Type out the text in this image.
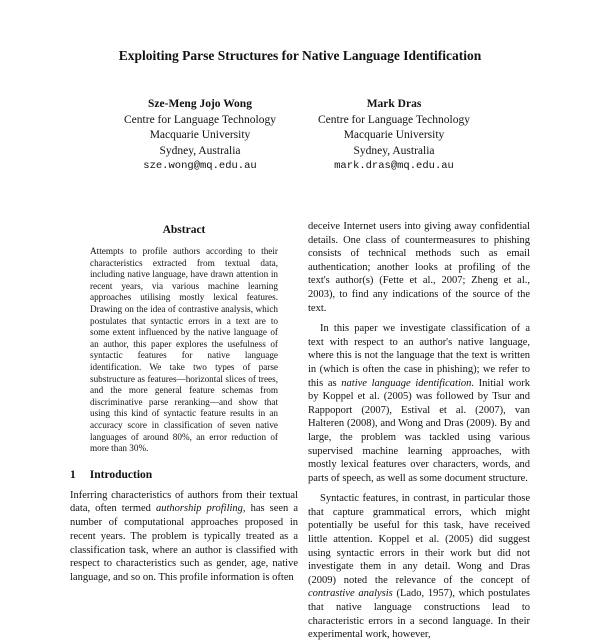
Exploiting Parse Structures for Native Language Identification
Sze-Meng Jojo Wong
Centre for Language Technology
Macquarie University
Sydney, Australia
sze.wong@mq.edu.au
Mark Dras
Centre for Language Technology
Macquarie University
Sydney, Australia
mark.dras@mq.edu.au
Abstract
Attempts to profile authors according to their characteristics extracted from textual data, including native language, have drawn attention in recent years, via various machine learning approaches utilising mostly lexical features. Drawing on the idea of contrastive analysis, which postulates that syntactic errors in a text are to some extent influenced by the native language of an author, this paper explores the usefulness of syntactic features for native language identification. We take two types of parse substructure as features—horizontal slices of trees, and the more general feature schemas from discriminative parse reranking—and show that using this kind of syntactic feature results in an accuracy score in classification of seven native languages of around 80%, an error reduction of more than 30%.
1 Introduction

Inferring characteristics of authors from their textual data, often termed authorship profiling, has seen a number of computational approaches proposed in recent years. The problem is typically treated as a classification task, where an author is classified with respect to characteristics such as gender, age, native language, and so on. This profile information is often

deceive Internet users into giving away confidential details. One class of countermeasures to phishing consists of technical methods such as email authentication; another looks at profiling of the text's author(s) (Fette et al., 2007; Zheng et al., 2003), to find any indications of the source of the text.

In this paper we investigate classification of a text with respect to an author's native language, where this is not the language that the text is written in (which is often the case in phishing); we refer to this as native language identification. Initial work by Koppel et al. (2005) was followed by Tsur and Rappoport (2007), Estival et al. (2007), van Halteren (2008), and Wong and Dras (2009). By and large, the problem was tackled using various supervised machine learning approaches, with mostly lexical features over characters, words, and parts of speech, as well as some document structure.

Syntactic features, in contrast, in particular those that capture grammatical errors, which might potentially be useful for this task, have received little attention. Koppel et al. (2005) did suggest using syntactic errors in their work but did not investigate them in any detail. Wong and Dras (2009) noted the relevance of the concept of contrastive analysis (Lado, 1957), which postulates that native language constructions lead to characteristic errors in a second language. In their experimental work, however,
